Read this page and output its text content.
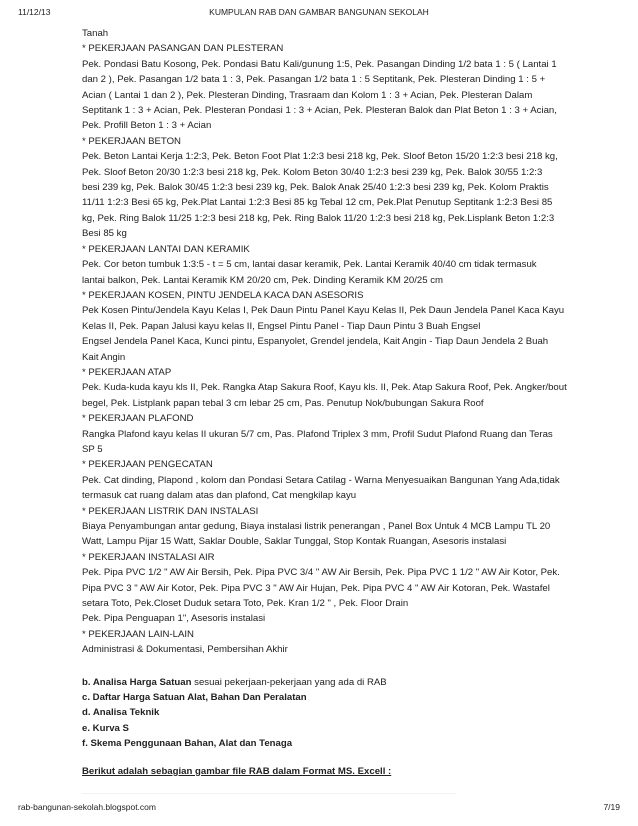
11/12/13	KUMPULAN RAB DAN GAMBAR BANGUNAN SEKOLAH
Tanah
* PEKERJAAN PASANGAN DAN PLESTERAN
Pek. Pondasi Batu Kosong, Pek. Pondasi Batu Kali/gunung 1:5, Pek. Pasangan Dinding 1/2 bata 1 : 5 ( Lantai 1
dan 2 ), Pek. Pasangan 1/2 bata 1 : 3, Pek. Pasangan 1/2 bata 1 : 5 Septitank, Pek. Plesteran Dinding 1 : 5 +
Acian ( Lantai 1 dan 2 ), Pek. Plesteran Dinding, Trasraam dan Kolom 1 : 3 + Acian, Pek. Plesteran Dalam
Septitank 1 : 3 + Acian, Pek. Plesteran Pondasi 1 : 3 + Acian, Pek. Plesteran Balok dan Plat Beton 1 : 3 + Acian,
Pek. Profill Beton 1 : 3 + Acian
* PEKERJAAN BETON
Pek. Beton Lantai Kerja 1:2:3, Pek. Beton Foot Plat 1:2:3 besi 218 kg, Pek. Sloof Beton 15/20 1:2:3 besi 218 kg,
Pek. Sloof Beton 20/30 1:2:3 besi 218 kg, Pek. Kolom Beton 30/40 1:2:3 besi 239 kg, Pek. Balok 30/55 1:2:3
besi 239 kg, Pek. Balok 30/45 1:2:3 besi 239 kg, Pek. Balok Anak 25/40 1:2:3 besi 239 kg, Pek. Kolom Praktis
11/11 1:2:3 Besi 65 kg, Pek.Plat Lantai 1:2:3 Besi 85 kg Tebal 12 cm, Pek.Plat Penutup Septitank 1:2:3 Besi 85
kg, Pek. Ring Balok 11/25 1:2:3 besi 218 kg, Pek. Ring Balok 11/20 1:2:3 besi 218 kg, Pek.Lisplank Beton 1:2:3
Besi 85 kg
* PEKERJAAN LANTAI DAN KERAMIK
Pek. Cor beton tumbuk 1:3:5 - t = 5 cm, lantai dasar keramik, Pek. Lantai Keramik 40/40 cm tidak termasuk
lantai balkon, Pek. Lantai Keramik KM 20/20 cm, Pek. Dinding Keramik KM 20/25 cm
* PEKERJAAN KOSEN, PINTU JENDELA KACA DAN ASESORIS
Pek Kosen Pintu/Jendela Kayu Kelas I, Pek Daun Pintu Panel Kayu Kelas II, Pek Daun Jendela Panel Kaca Kayu
Kelas II, Pek. Papan Jalusi kayu kelas II, Engsel Pintu Panel - Tiap Daun Pintu 3 Buah Engsel
Engsel Jendela Panel Kaca, Kunci pintu, Espanyolet, Grendel jendela, Kait Angin - Tiap Daun Jendela 2 Buah
Kait Angin
* PEKERJAAN ATAP
Pek. Kuda-kuda kayu kls II, Pek. Rangka Atap Sakura Roof, Kayu kls. II, Pek. Atap Sakura Roof, Pek. Angker/bout
begel, Pek. Listplank papan tebal 3 cm lebar 25 cm, Pas. Penutup Nok/bubungan Sakura Roof
* PEKERJAAN PLAFOND
Rangka Plafond kayu kelas II ukuran 5/7 cm, Pas. Plafond Triplex 3 mm, Profil Sudut Plafond Ruang dan Teras
SP 5
* PEKERJAAN PENGECATAN
Pek. Cat dinding, Plapond , kolom dan Pondasi Setara Catilag - Warna Menyesuaikan Bangunan Yang Ada,tidak
termasuk cat ruang dalam atas dan plafond, Cat mengkilap kayu
* PEKERJAAN LISTRIK DAN INSTALASI
Biaya Penyambungan antar gedung, Biaya instalasi listrik penerangan , Panel Box Untuk 4 MCB Lampu TL 20
Watt, Lampu Pijar 15 Watt, Saklar Double, Saklar Tunggal, Stop Kontak Ruangan, Asesoris instalasi
* PEKERJAAN INSTALASI AIR
Pek. Pipa PVC 1/2 " AW Air Bersih, Pek. Pipa PVC 3/4 " AW Air Bersih, Pek. Pipa PVC 1 1/2 " AW Air Kotor, Pek.
Pipa PVC 3 " AW Air Kotor, Pek. Pipa PVC 3 " AW Air Hujan, Pek. Pipa PVC 4 " AW Air Kotoran, Pek. Wastafel
setara Toto, Pek.Closet Duduk setara Toto, Pek. Kran 1/2 " , Pek. Floor Drain
Pek. Pipa Penguapan 1", Asesoris instalasi
* PEKERJAAN LAIN-LAIN
Administrasi & Dokumentasi, Pembersihan Akhir
b. Analisa Harga Satuan sesuai pekerjaan-pekerjaan yang ada di RAB
c. Daftar Harga Satuan Alat, Bahan Dan Peralatan
d. Analisa Teknik
e. Kurva S
f. Skema Penggunaan Bahan, Alat dan Tenaga
Berikut adalah sebagian gambar file RAB dalam Format MS. Excell :
rab-bangunan-sekolah.blogspot.com	7/19
